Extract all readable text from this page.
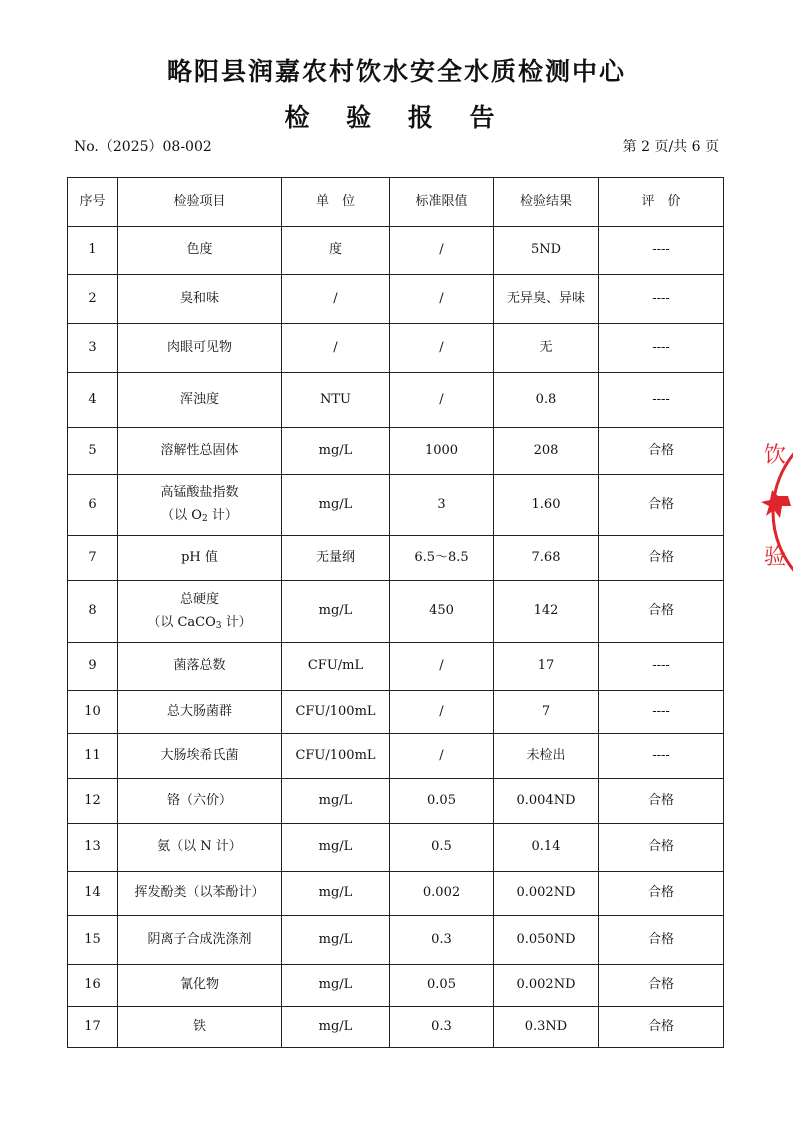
略阳县润嘉农村饮水安全水质检测中心
检 验 报 告
No.（2025）08-002	第 2 页/共 6 页
序号	检验项目	单　位	标准限值	检验结果	评　价
1	色度	度	/	5ND	----
2	臭和味	/	/	无异臭、异味	----
3	肉眼可见物	/	/	无	----
4	浑浊度	NTU	/	0.8	----
5	溶解性总固体	mg/L	1000	208	合格
6	高锰酸盐指数
（以 $O_2$ 计）	mg/L	3	1.60	合格
7	pH 值	无量纲	6.5～8.5	7.68	合格
8	总硬度
（以 CaCO$_3$ 计）	mg/L	450	142	合格
9	菌落总数	CFU/mL	/	17	----
10	总大肠菌群	CFU/100mL	/	7	----
11	大肠埃希氏菌	CFU/100mL	/	未检出	----
12	铬（六价）	mg/L	0.05	0.004ND	合格
13	氨（以 N 计）	mg/L	0.5	0.14	合格
14	挥发酚类（以苯酚计）	mg/L	0.002	0.002ND	合格
15	阴离子合成洗涤剂	mg/L	0.3	0.050ND	合格
16	氰化物	mg/L	0.05	0.002ND	合格
17	铁	mg/L	0.3	0.3ND	合格
饮
验
